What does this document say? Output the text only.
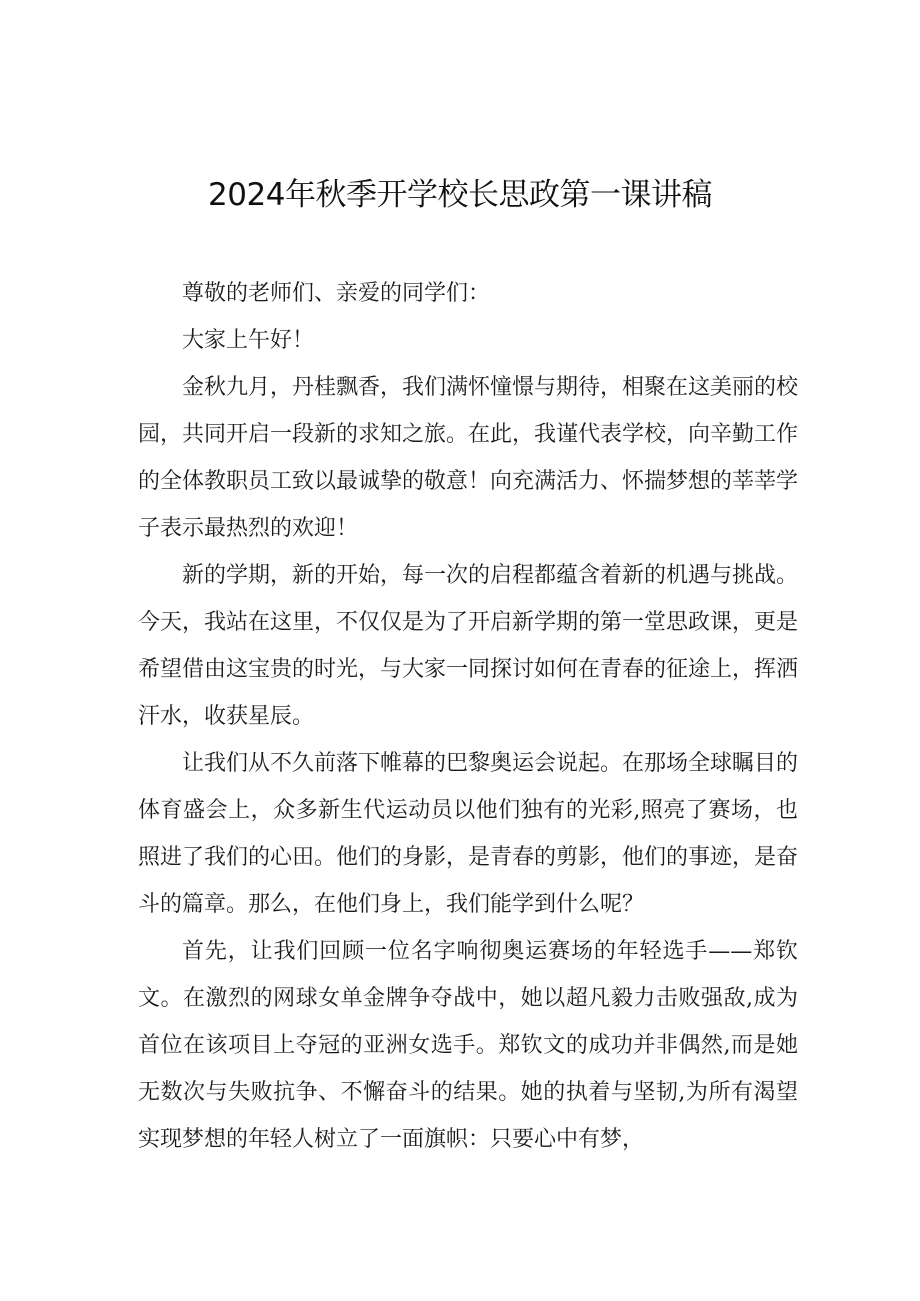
2024年秋季开学校长思政第一课讲稿

尊敬的老师们、亲爱的同学们：

大家上午好！

金秋九月，丹桂飘香，我们满怀憧憬与期待，相聚在这美丽的校园，共同开启一段新的求知之旅。在此，我谨代表学校，向辛勤工作的全体教职员工致以最诚挚的敬意！向充满活力、怀揣梦想的莘莘学子表示最热烈的欢迎！

新的学期，新的开始，每一次的启程都蕴含着新的机遇与挑战。今天，我站在这里，不仅仅是为了开启新学期的第一堂思政课，更是希望借由这宝贵的时光，与大家一同探讨如何在青春的征途上，挥洒汗水，收获星辰。

让我们从不久前落下帷幕的巴黎奥运会说起。在那场全球瞩目的体育盛会上，众多新生代运动员以他们独有的光彩,照亮了赛场，也照进了我们的心田。他们的身影，是青春的剪影，他们的事迹，是奋斗的篇章。那么，在他们身上，我们能学到什么呢？

首先，让我们回顾一位名字响彻奥运赛场的年轻选手——郑钦文。在激烈的网球女单金牌争夺战中，她以超凡毅力击败强敌,成为首位在该项目上夺冠的亚洲女选手。郑钦文的成功并非偶然,而是她无数次与失败抗争、不懈奋斗的结果。她的执着与坚韧,为所有渴望实现梦想的年轻人树立了一面旗帜：只要心中有梦，
